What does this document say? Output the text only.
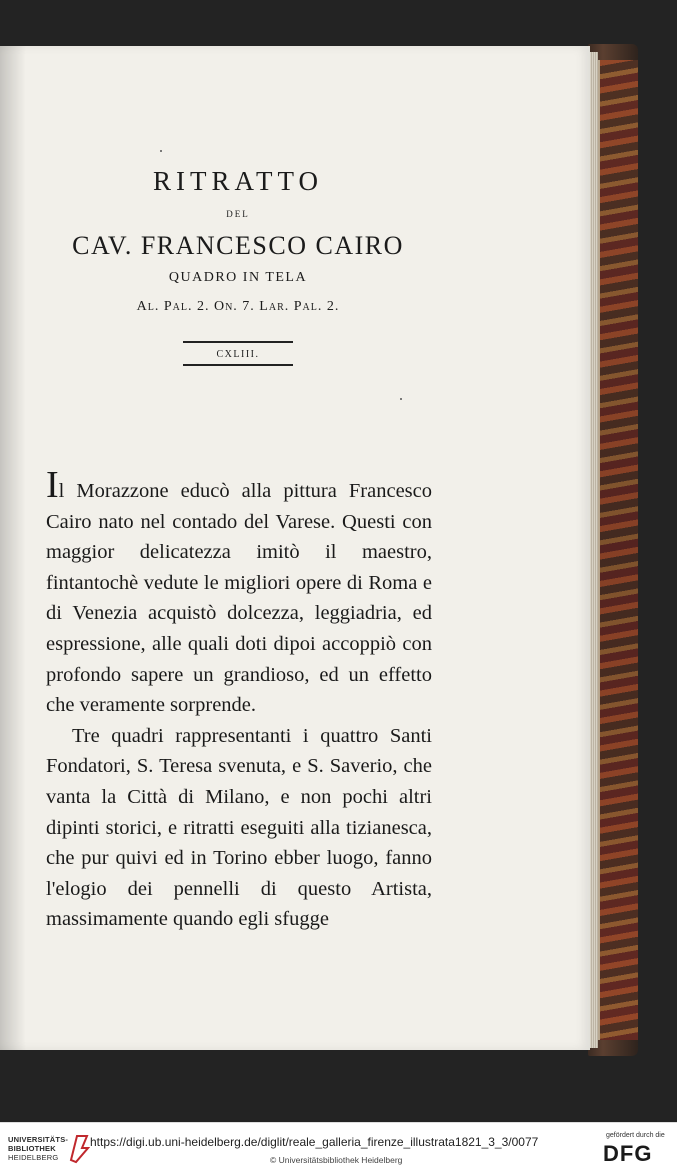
RITRATTO
DEL
CAV. FRANCESCO CAIRO
QUADRO IN TELA
Al. Pal. 2. On. 7. Lar. Pal. 2.
CXLIII.

Il Morazzone educò alla pittura Francesco Cairo nato nel contado del Varese. Questi con maggior delicatezza imitò il maestro, fintantochè vedute le migliori opere di Roma e di Venezia acquistò dolcezza, leggiadria, ed espressione, alle quali doti dipoi accoppiò con profondo sapere un grandioso, ed un effetto che veramente sorprende.

Tre quadri rappresentanti i quattro Santi Fondatori, S. Teresa svenuta, e S. Saverio, che vanta la Città di Milano, e non pochi altri dipinti storici, e ritratti eseguiti alla tizianesca, che pur quivi ed in Torino ebber luogo, fanno l'elogio dei pennelli di questo Artista, massimamente quando egli sfugge

UNIVERSITÄTS-
BIBLIOTHEK
HEIDELBERG
https://digi.ub.uni-heidelberg.de/diglit/reale_galleria_firenze_illustrata1821_3_3/0077
© Universitätsbibliothek Heidelberg
gefördert durch die
DFG
